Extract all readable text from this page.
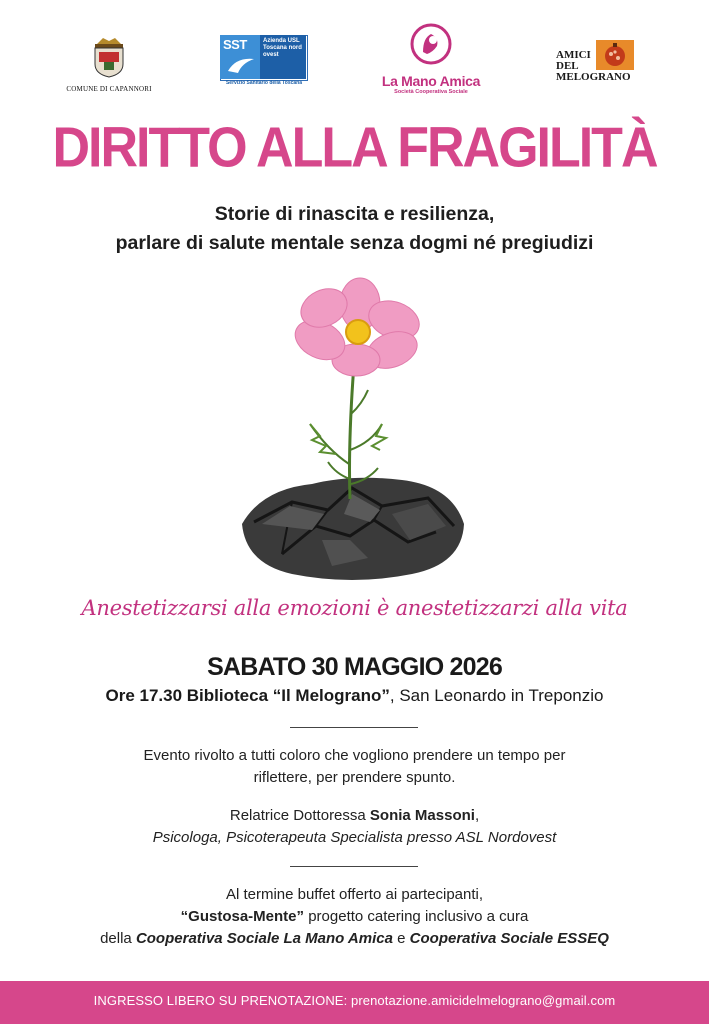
COMUNE DI CAPANNORI
SST	Azienda USL Toscana nord ovest
Servizio Sanitario della Toscana	La Mano Amica
Società Cooperativa Sociale
AMICI
DEL
MELOGRANO
DIRITTO ALLA FRAGILITÀ
Storie di rinascita e resilienza,
parlare di salute mentale senza dogmi né pregiudizi
Anestetizzarsi alla emozioni è anestetizzarzi alla vita
SABATO 30 MAGGIO 2026
Ore 17.30 Biblioteca “Il Melograno”, San Leonardo in Treponzio
Evento rivolto a tutti coloro che vogliono prendere un tempo per
riflettere, per prendere spunto.
Relatrice Dottoressa Sonia Massoni,
Psicologa, Psicoterapeuta Specialista presso ASL Nordovest
Al termine buffet offerto ai partecipanti,
“Gustosa-Mente” progetto catering inclusivo a cura
della Cooperativa Sociale La Mano Amica e Cooperativa Sociale ESSEQ
INGRESSO LIBERO SU PRENOTAZIONE: prenotazione.amicidelmelograno@gmail.com
